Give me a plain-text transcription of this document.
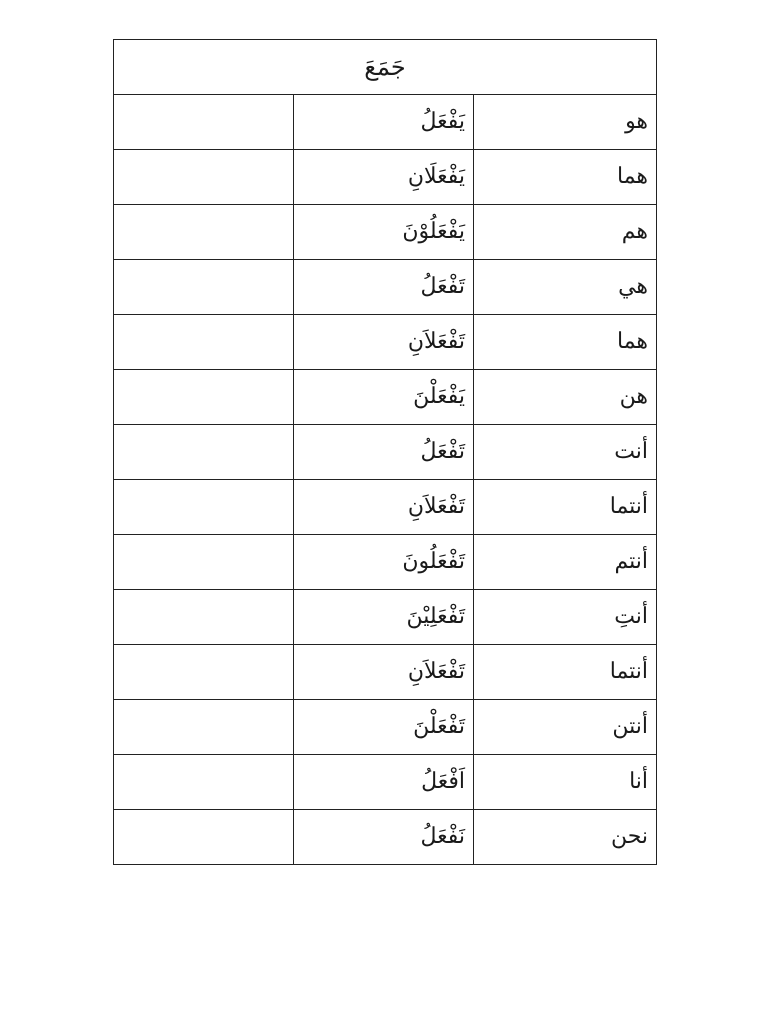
جَمَعَ		
هو	يَفْعَلُ	
هما	يَفْعَلَانِ	
هم	يَفْعَلُوْنَ	
هي	تَفْعَلُ	
هما	تَفْعَلاَنِ	
هن	يَفْعَلْنَ	
أنت	تَفْعَلُ	
أنتما	تَفْعَلاَنِ	
أنتم	تَفْعَلُونَ	
أنتِ	تَفْعَلِيْنَ	
أنتما	تَفْعَلاَنِ	
أنتن	تَفْعَلْنَ	
أنا	اَفْعَلُ	
نحن	نَفْعَلُ	
